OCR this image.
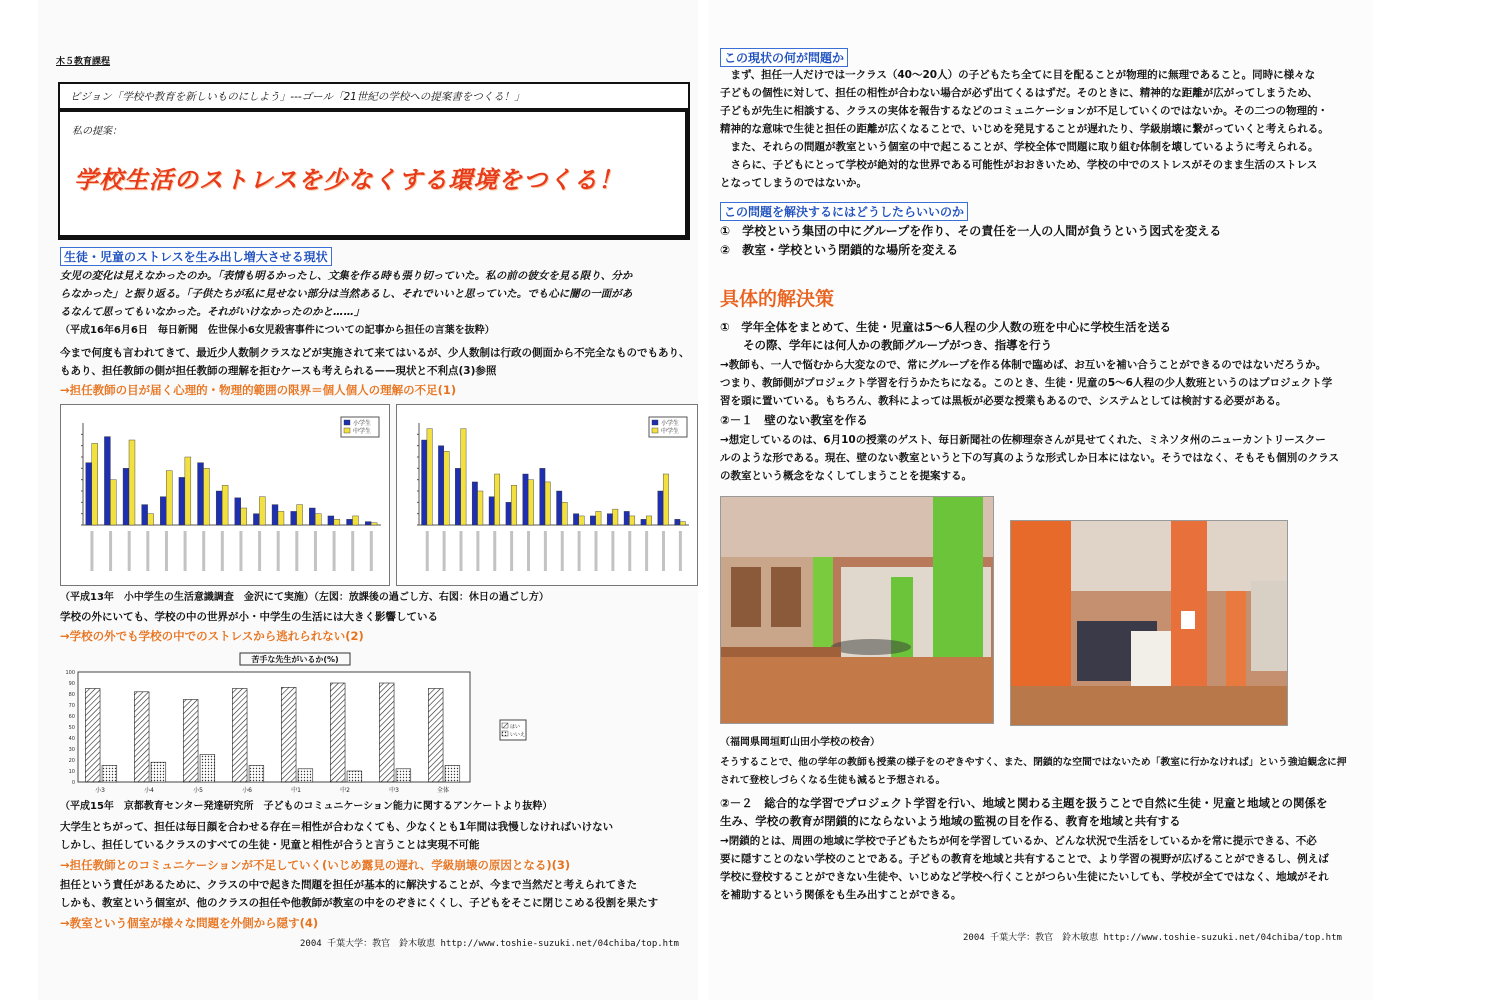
木５教育課程
ビジョン「学校や教育を新しいものにしよう」---ゴール「21世紀の学校への提案書をつくる！」
私の提案：
学校生活のストレスを少なくする環境をつくる！
生徒・児童のストレスを生み出し増大させる現状
女児の変化は見えなかったのか。「表情も明るかったし、文集を作る時も張り切っていた。私の前の彼女を見る限り、分か
らなかった」と振り返る。「子供たちが私に見せない部分は当然あるし、それでいいと思っていた。でも心に闇の一面があ
るなんて思ってもいなかった。それがいけなかったのかと……」
（平成16年6月6日　毎日新聞　佐世保小6女児殺害事件についての記事から担任の言葉を抜粋）
今まで何度も言われてきて、最近少人数制クラスなどが実施されて来てはいるが、少人数制は行政の側面から不完全なものでもあり、
もあり、担任教師の側が担任教師の理解を拒むケースも考えられる——現状と不利点(3)参照
→担任教師の目が届く心理的・物理的範囲の限界＝個人個人の理解の不足(1)
小学生
中学生
小学生
中学生
（平成13年　小中学生の生活意識調査　金沢にて実施）（左図：放課後の過ごし方、右図：休日の過ごし方）
学校の外にいても、学校の中の世界が小・中学生の生活には大きく影響している
→学校の外でも学校の中でのストレスから逃れられない(2)
苦手な先生がいるか(%)
0
10
20
30
40
50
60
70
80
90
100
小3	小4	小5	小6	中1	中2	中3	全体
はい
いいえ
（平成15年　京都教育センター発達研究所　子どものコミュニケーション能力に関するアンケートより抜粋）
大学生とちがって、担任は毎日顔を合わせる存在＝相性が合わなくても、少なくとも1年間は我慢しなければいけない
しかし、担任しているクラスのすべての生徒・児童と相性が合うと言うことは実現不可能
→担任教師とのコミュニケーションが不足していく(いじめ露見の遅れ、学級崩壊の原因となる)(3)
担任という責任があるために、クラスの中で起きた問題を担任が基本的に解決することが、今まで当然だと考えられてきた
しかも、教室という個室が、他のクラスの担任や他教師が教室の中をのぞきにくくし、子どもをそこに閉じこめる役割を果たす
→教室という個室が様々な問題を外側から隠す(4)
2004 千葉大学：教官　鈴木敏恵 http://www.toshie-suzuki.net/04chiba/top.htm
この現状の何が問題か
　まず、担任一人だけでは一クラス（40～20人）の子どもたち全てに目を配ることが物理的に無理であること。同時に様々な
子どもの個性に対して、担任の相性が合わない場合が必ず出てくるはずだ。そのときに、精神的な距離が広がってしまうため、
子どもが先生に相談する、クラスの実体を報告するなどのコミュニケーションが不足していくのではないか。その二つの物理的・
精神的な意味で生徒と担任の距離が広くなることで、いじめを発見することが遅れたり、学級崩壊に繋がっていくと考えられる。
　また、それらの問題が教室という個室の中で起こることが、学校全体で問題に取り組む体制を壊しているように考えられる。
　さらに、子どもにとって学校が絶対的な世界である可能性がおおきいため、学校の中でのストレスがそのまま生活のストレス
となってしまうのではないか。
この問題を解決するにはどうしたらいいのか
①　学校という集団の中にグループを作り、その責任を一人の人間が負うという図式を変える
②　教室・学校という閉鎖的な場所を変える
具体的解決策
①　学年全体をまとめて、生徒・児童は5～6人程の少人数の班を中心に学校生活を送る
　　その際、学年には何人かの教師グループがつき、指導を行う
→教師も、一人で悩むから大変なので、常にグループを作る体制で臨めば、お互いを補い合うことができるのではないだろうか。
つまり、教師側がプロジェクト学習を行うかたちになる。このとき、生徒・児童の5～6人程の少人数班というのはプロジェクト学
習を頭に置いている。もちろん、教科によっては黒板が必要な授業もあるので、システムとしては検討する必要がある。
②－１　壁のない教室を作る
→想定しているのは、6月10の授業のゲスト、毎日新聞社の佐柳理奈さんが見せてくれた、ミネソタ州のニューカントリースクー
ルのような形である。現在、壁のない教室というと下の写真のような形式しか日本にはない。そうではなく、そもそも個別のクラス
の教室という概念をなくしてしまうことを提案する。
（福岡県岡垣町山田小学校の校舎）
そうすることで、他の学年の教師も授業の様子をのぞきやすく、また、閉鎖的な空間ではないため「教室に行かなければ」という強迫観念に押
されて登校しづらくなる生徒も減ると予想される。
②－２　総合的な学習でプロジェクト学習を行い、地域と関わる主題を扱うことで自然に生徒・児童と地域との関係を
生み、学校の教育が閉鎖的にならないよう地域の監視の目を作る、教育を地域と共有する
→閉鎖的とは、周囲の地域に学校で子どもたちが何を学習しているか、どんな状況で生活をしているかを常に提示できる、不必
要に隠すことのない学校のことである。子どもの教育を地域と共有することで、より学習の視野が広げることができるし、例えば
学校に登校することができない生徒や、いじめなど学校へ行くことがつらい生徒にたいしても、学校が全てではなく、地域がそれ
を補助するという関係をも生み出すことができる。
2004 千葉大学：教官　鈴木敏恵 http://www.toshie-suzuki.net/04chiba/top.htm
